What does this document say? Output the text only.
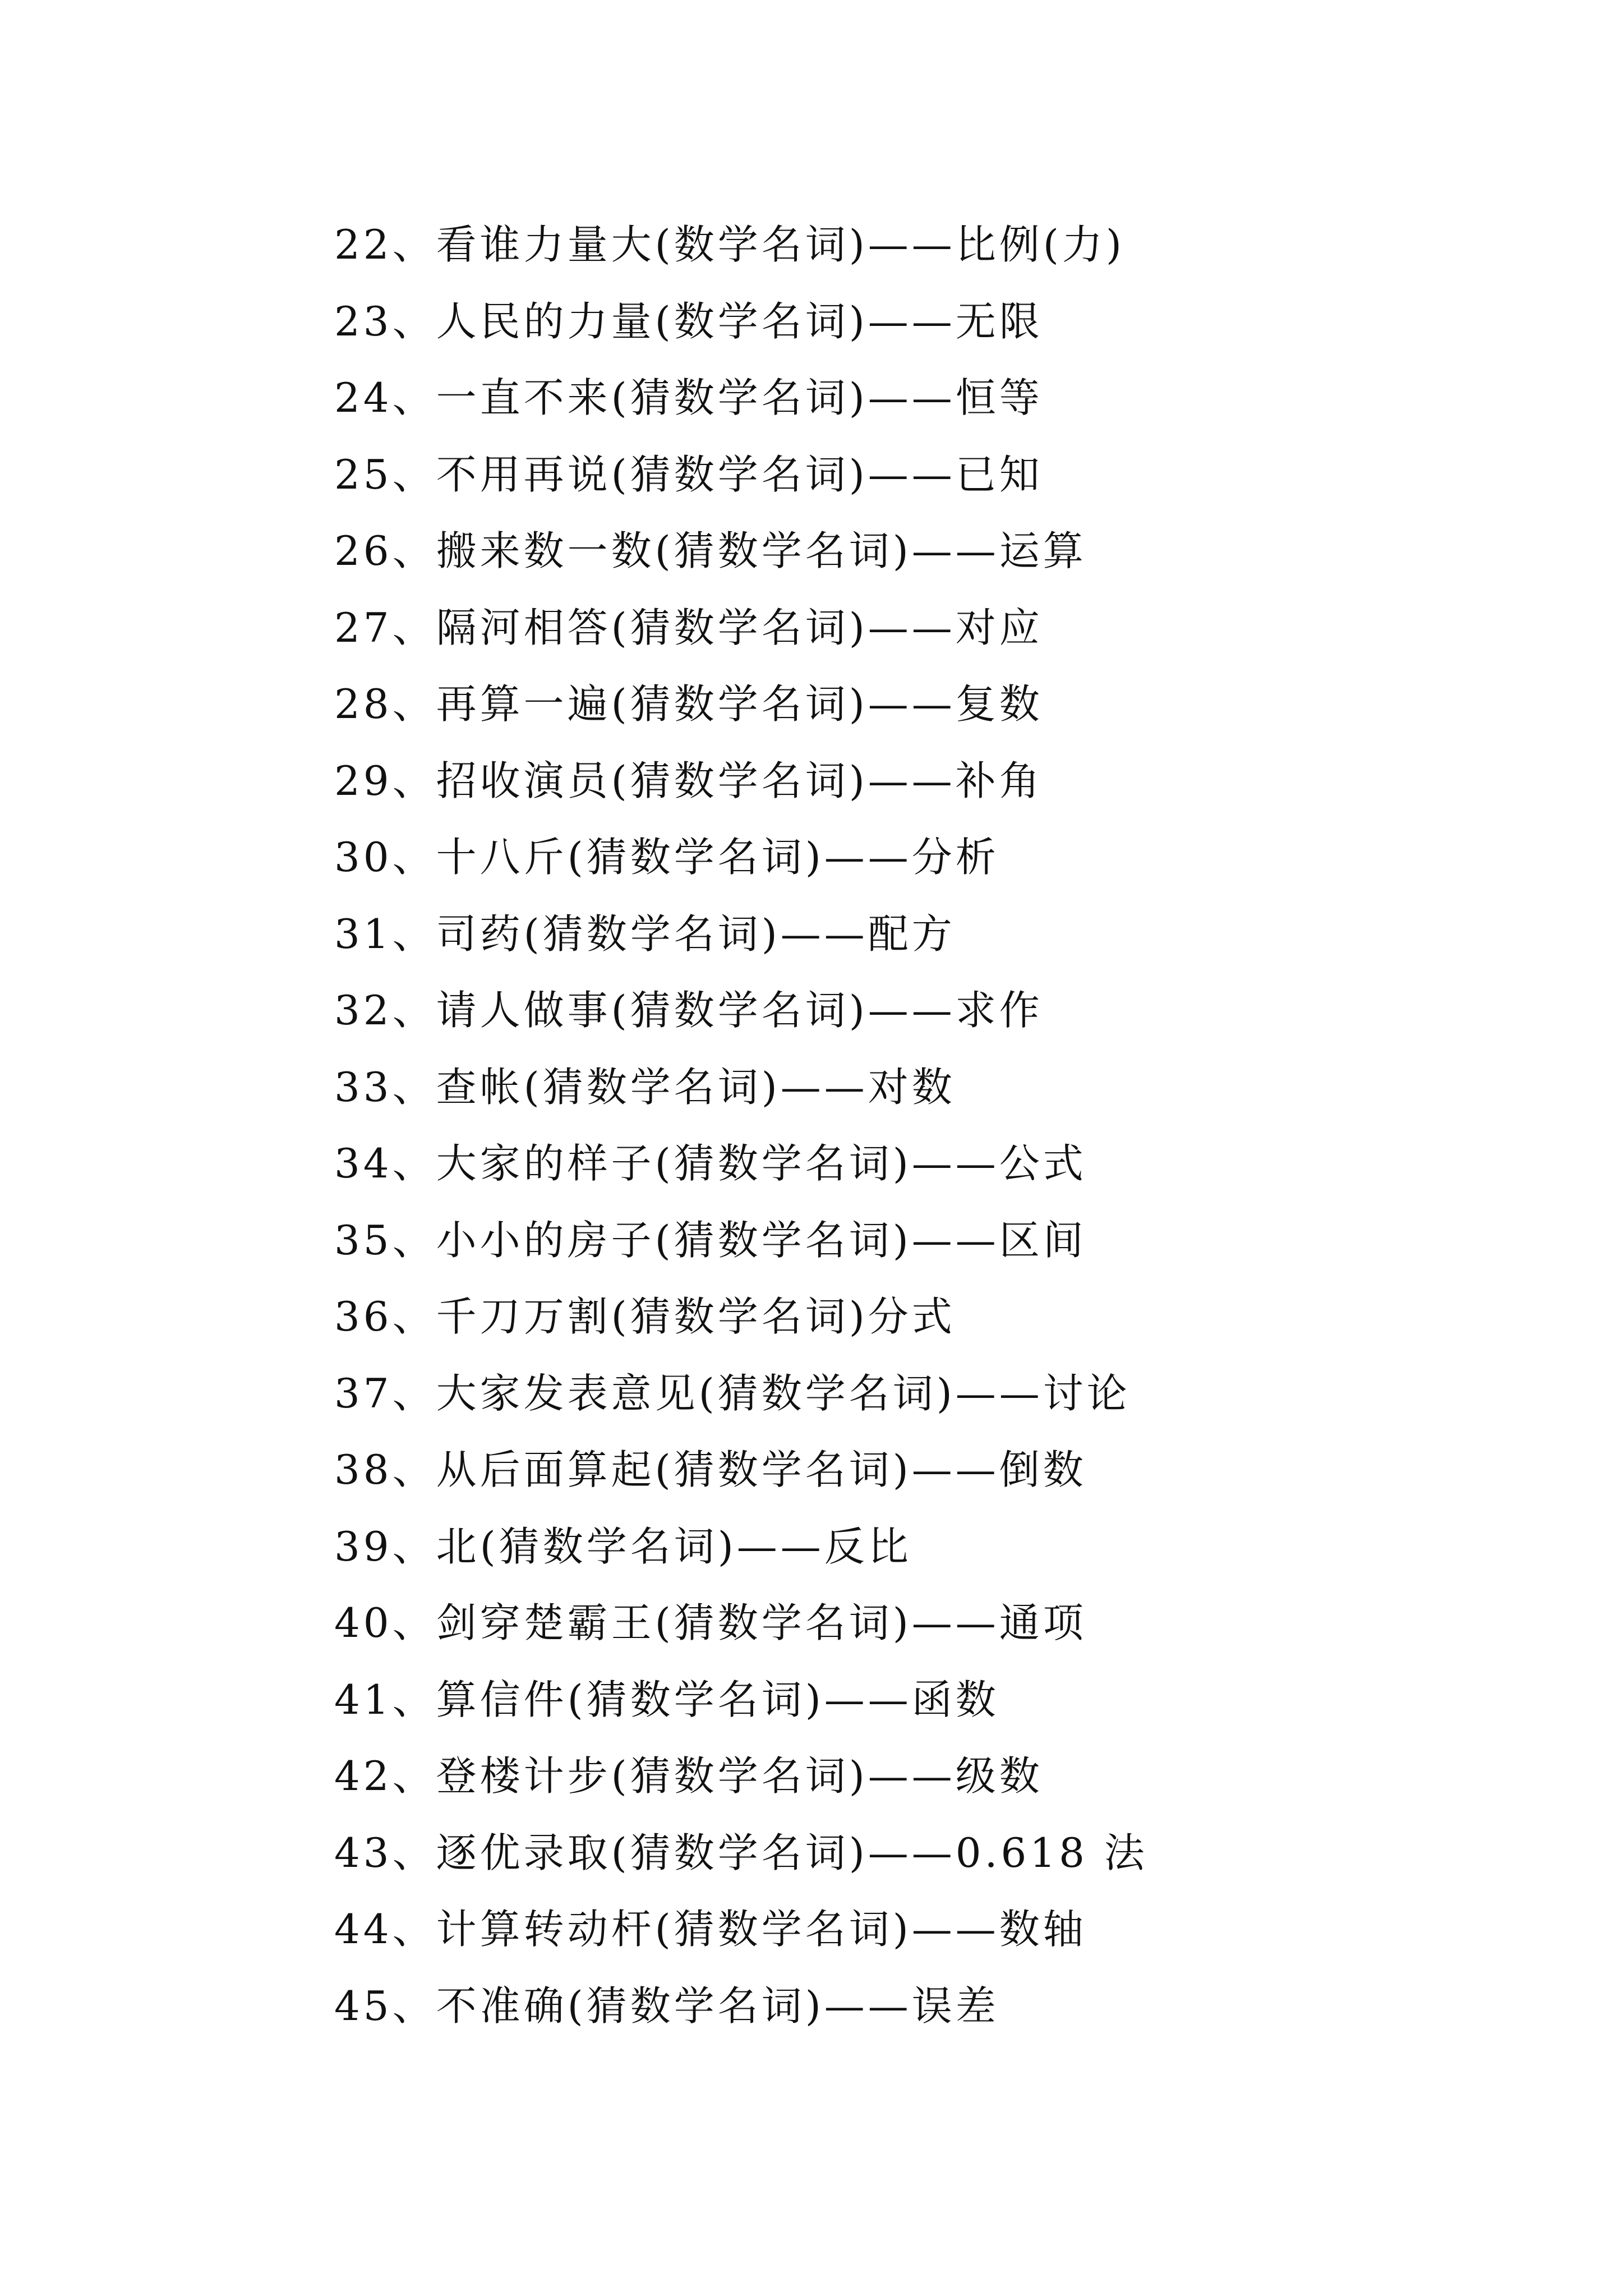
22、看谁力量大(数学名词)——比例(力)
23、人民的力量(数学名词)——无限
24、一直不来(猜数学名词)——恒等
25、不用再说(猜数学名词)——已知
26、搬来数一数(猜数学名词)——运算
27、隔河相答(猜数学名词)——对应
28、再算一遍(猜数学名词)——复数
29、招收演员(猜数学名词)——补角
30、十八斤(猜数学名词)——分析
31、司药(猜数学名词)——配方
32、请人做事(猜数学名词)——求作
33、查帐(猜数学名词)——对数
34、大家的样子(猜数学名词)——公式
35、小小的房子(猜数学名词)——区间
36、千刀万割(猜数学名词)分式
37、大家发表意见(猜数学名词)——讨论
38、从后面算起(猜数学名词)——倒数
39、北(猜数学名词)——反比
40、剑穿楚霸王(猜数学名词)——通项
41、算信件(猜数学名词)——函数
42、登楼计步(猜数学名词)——级数
43、逐优录取(猜数学名词)——0.618 法
44、计算转动杆(猜数学名词)——数轴
45、不准确(猜数学名词)——误差
